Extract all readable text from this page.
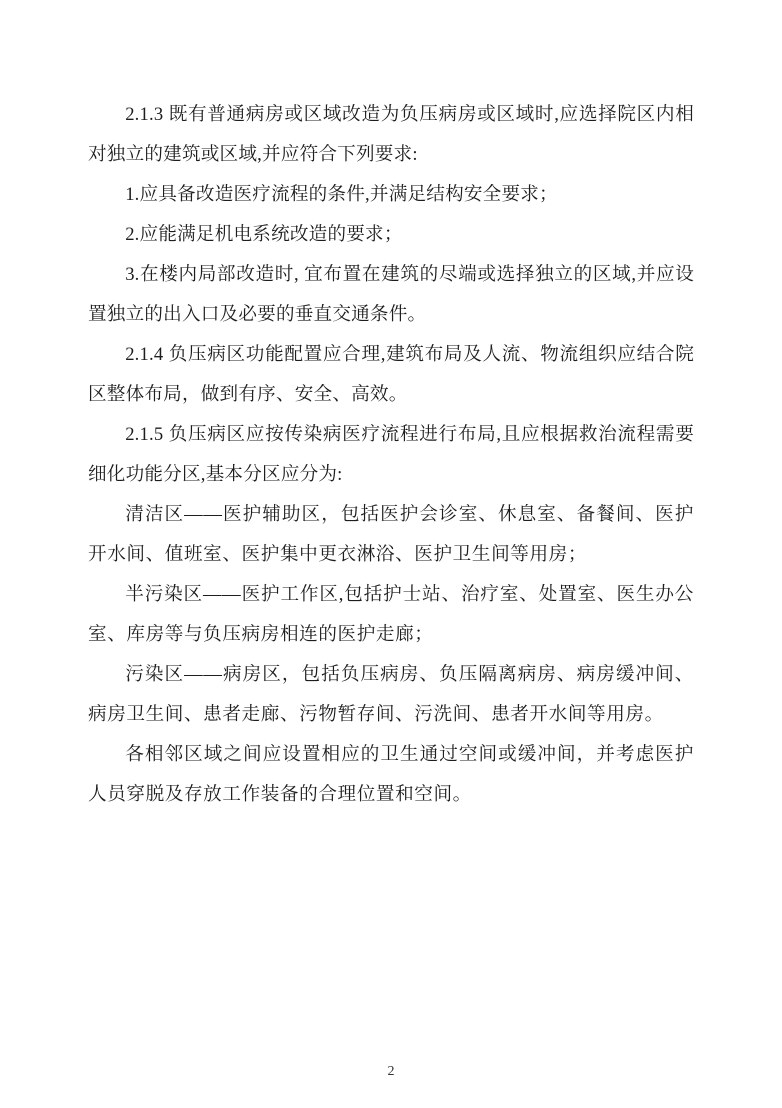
2.1.3 既有普通病房或区域改造为负压病房或区域时,应选择院区内相对独立的建筑或区域,并应符合下列要求:

1.应具备改造医疗流程的条件,并满足结构安全要求；

2.应能满足机电系统改造的要求；

3.在楼内局部改造时, 宜布置在建筑的尽端或选择独立的区域,并应设置独立的出入口及必要的垂直交通条件。

2.1.4 负压病区功能配置应合理,建筑布局及人流、物流组织应结合院区整体布局，做到有序、安全、高效。

2.1.5 负压病区应按传染病医疗流程进行布局,且应根据救治流程需要细化功能分区,基本分区应分为:

清洁区——医护辅助区，包括医护会诊室、休息室、备餐间、医护开水间、值班室、医护集中更衣淋浴、医护卫生间等用房；

半污染区——医护工作区,包括护士站、治疗室、处置室、医生办公室、库房等与负压病房相连的医护走廊；

污染区——病房区，包括负压病房、负压隔离病房、病房缓冲间、病房卫生间、患者走廊、污物暂存间、污洗间、患者开水间等用房。

各相邻区域之间应设置相应的卫生通过空间或缓冲间，并考虑医护人员穿脱及存放工作装备的合理位置和空间。

2
